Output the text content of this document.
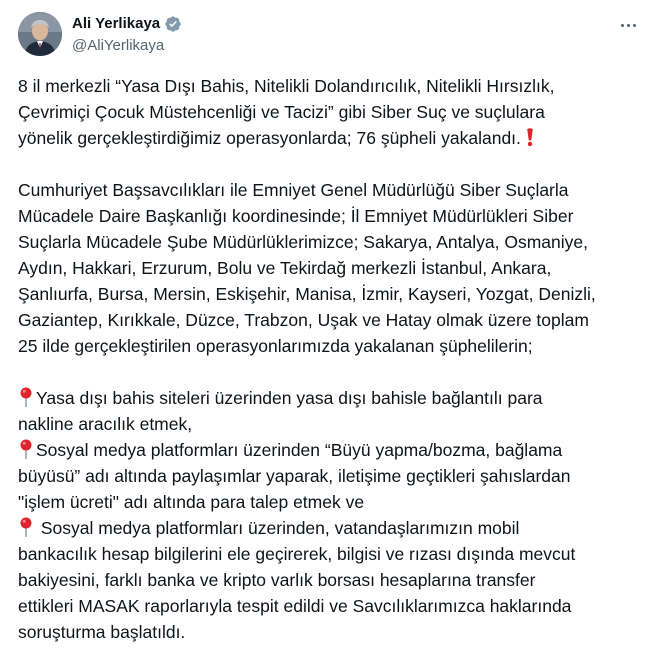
Ali Yerlikaya
@AliYerlikaya
8 il merkezli “Yasa Dışı Bahis, Nitelikli Dolandırıcılık, Nitelikli Hırsızlık,
Çevrimiçi Çocuk Müstehcenliği ve Tacizi” gibi Siber Suç ve suçlulara
yönelik gerçekleştirdiğimiz operasyonlarda; 76 şüpheli yakalandı.
Cumhuriyet Başsavcılıkları ile Emniyet Genel Müdürlüğü Siber Suçlarla
Mücadele Daire Başkanlığı koordinesinde; İl Emniyet Müdürlükleri Siber
Suçlarla Mücadele Şube Müdürlüklerimizce; Sakarya, Antalya, Osmaniye,
Aydın, Hakkari, Erzurum, Bolu ve Tekirdağ merkezli İstanbul, Ankara,
Şanlıurfa, Bursa, Mersin, Eskişehir, Manisa, İzmir, Kayseri, Yozgat, Denizli,
Gaziantep, Kırıkkale, Düzce, Trabzon, Uşak ve Hatay olmak üzere toplam
25 ilde gerçekleştirilen operasyonlarımızda yakalanan şüphelilerin;
Yasa dışı bahis siteleri üzerinden yasa dışı bahisle bağlantılı para
nakline aracılık etmek,
Sosyal medya platformları üzerinden “Büyü yapma/bozma, bağlama
büyüsü” adı altında paylaşımlar yaparak, iletişime geçtikleri şahıslardan
"işlem ücreti" adı altında para talep etmek ve
Sosyal medya platformları üzerinden, vatandaşlarımızın mobil
bankacılık hesap bilgilerini ele geçirerek, bilgisi ve rızası dışında mevcut
bakiyesini, farklı banka ve kripto varlık borsası hesaplarına transfer
ettikleri MASAK raporlarıyla tespit edildi ve Savcılıklarımızca haklarında
soruşturma başlatıldı.
